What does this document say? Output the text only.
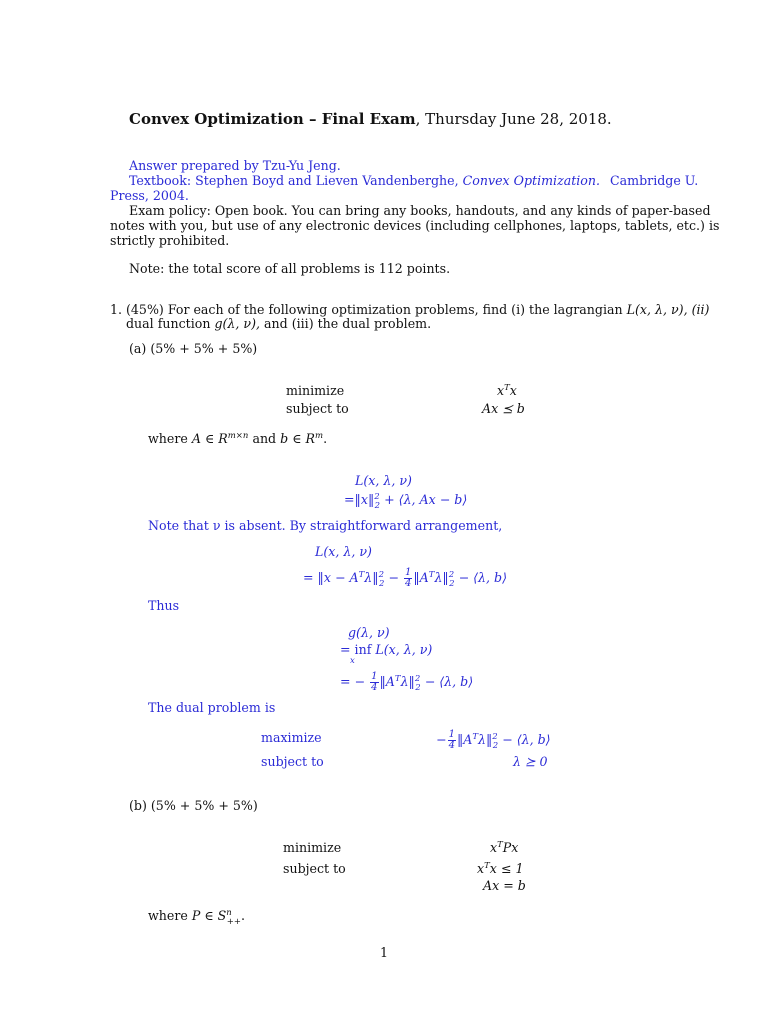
Convex Optimization – Final Exam, Thursday June 28, 2018.
Answer prepared by Tzu-Yu Jeng.
Textbook: Stephen Boyd and Lieven Vandenberghe, Convex Optimization. Cambridge U.
Press, 2004.
Exam policy: Open book. You can bring any books, handouts, and any kinds of paper-based
notes with you, but use of any electronic devices (including cellphones, laptops, tablets, etc.) is
strictly prohibited.
Note: the total score of all problems is 112 points.
1. (45%) For each of the following optimization problems, find (i) the lagrangian L(x, λ, ν), (ii)
dual function g(λ, ν), and (iii) the dual problem.
(a) (5% + 5% + 5%)
minimize	$x^Tx$
subject to	Ax ⪯ b
where A ∈ $R^{m\times n}$ and b ∈ $R^m$.
L(x, λ, ν)
=‖x‖$^2_2$ + ⟨λ, Ax − b⟩
Note that ν is absent. By straightforward arrangement,
L(x, λ, ν)
= ‖x − $A^T\lambda‖^2_2 - \frac{1}{4}$ $‖A^T\lambda‖^2_2$ − ⟨λ, b⟩
Thus
g(λ, ν)
= inf
x
L(x, λ, ν)
= − $\frac{1}{4}$ $‖A^T\lambda‖^2_2$ − ⟨λ, b⟩
The dual problem is
maximize	− $\frac{1}{4}$ $‖A^T\lambda‖^2_2$ − ⟨λ, b⟩
subject to	λ ⪰ 0
(b) (5% + 5% + 5%)
minimize	$x^TPx$
subject to	$x^Tx \le 1$
Ax = b
where P ∈ $S^n_{++}$.
1
